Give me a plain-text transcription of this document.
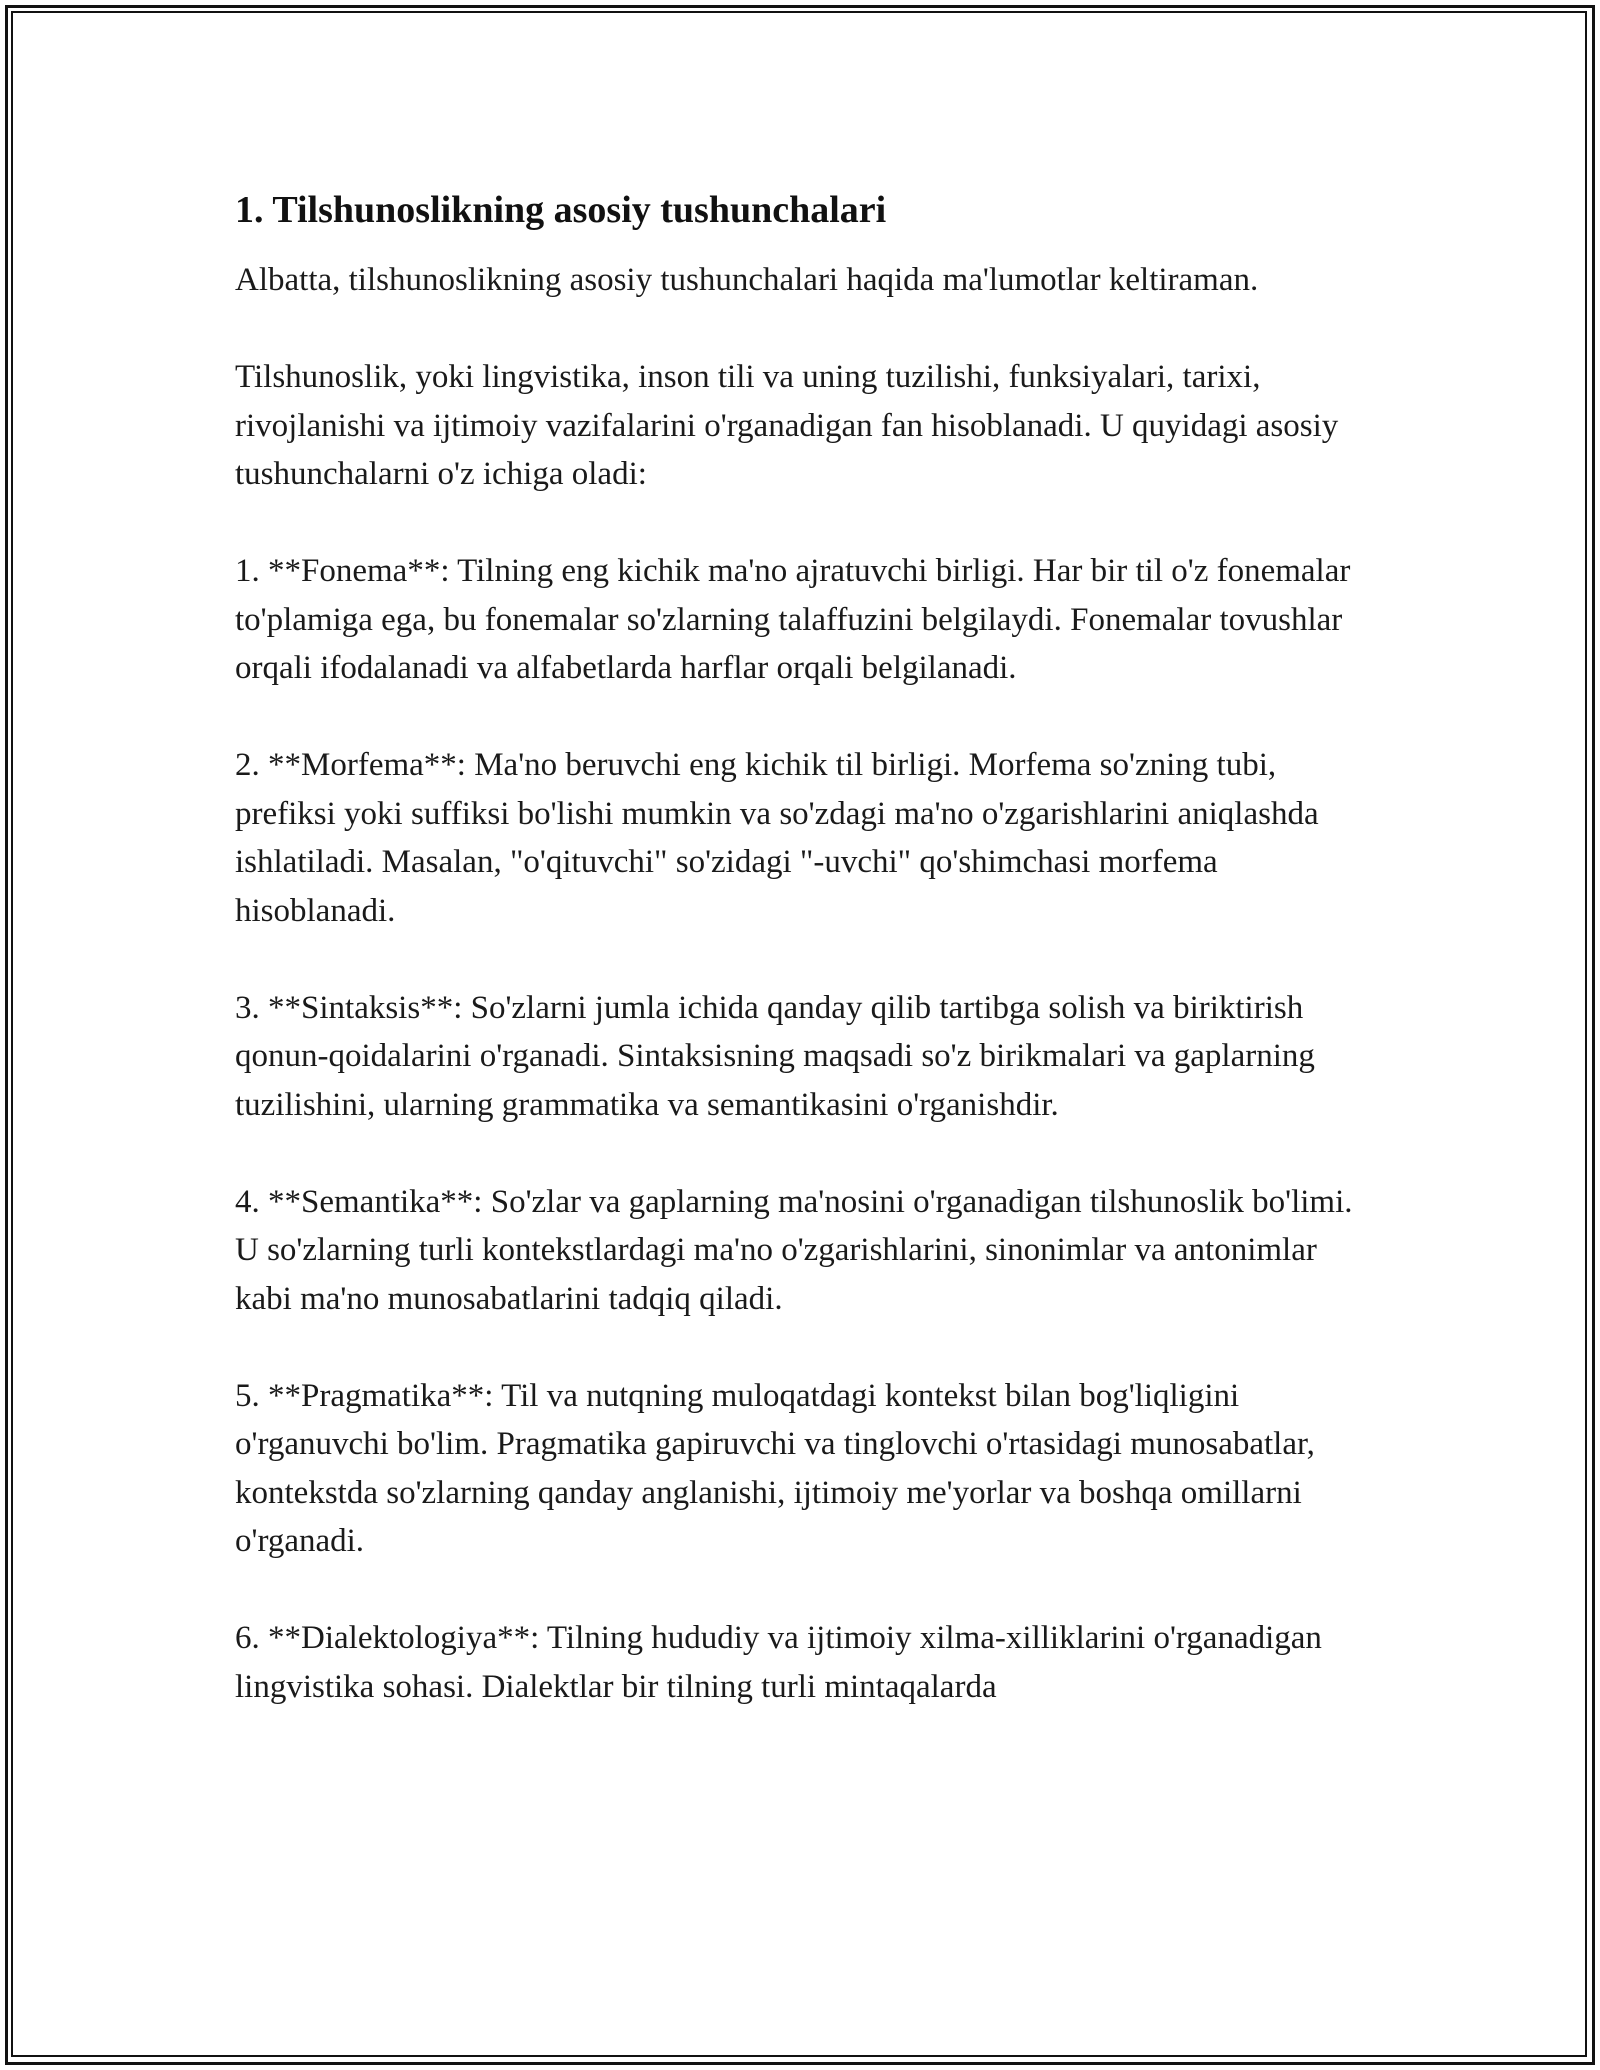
1. Tilshunoslikning asosiy tushunchalari

Albatta, tilshunoslikning asosiy tushunchalari haqida ma'lumotlar keltiraman.

Tilshunoslik, yoki lingvistika, inson tili va uning tuzilishi, funksiyalari, tarixi, rivojlanishi va ijtimoiy vazifalarini o'rganadigan fan hisoblanadi. U quyidagi asosiy tushunchalarni o'z ichiga oladi:

1. **Fonema**: Tilning eng kichik ma'no ajratuvchi birligi. Har bir til o'z fonemalar to'plamiga ega, bu fonemalar so'zlarning talaffuzini belgilaydi. Fonemalar tovushlar orqali ifodalanadi va alfabetlarda harflar orqali belgilanadi.

2. **Morfema**: Ma'no beruvchi eng kichik til birligi. Morfema so'zning tubi, prefiksi yoki suffiksi bo'lishi mumkin va so'zdagi ma'no o'zgarishlarini aniqlashda ishlatiladi. Masalan, "o'qituvchi" so'zidagi "-uvchi" qo'shimchasi morfema hisoblanadi.

3. **Sintaksis**: So'zlarni jumla ichida qanday qilib tartibga solish va biriktirish qonun-qoidalarini o'rganadi. Sintaksisning maqsadi so'z birikmalari va gaplarning tuzilishini, ularning grammatika va semantikasini o'rganishdir.

4. **Semantika**: So'zlar va gaplarning ma'nosini o'rganadigan tilshunoslik bo'limi. U so'zlarning turli kontekstlardagi ma'no o'zgarishlarini, sinonimlar va antonimlar kabi ma'no munosabatlarini tadqiq qiladi.

5. **Pragmatika**: Til va nutqning muloqatdagi kontekst bilan bog'liqligini o'rganuvchi bo'lim. Pragmatika gapiruvchi va tinglovchi o'rtasidagi munosabatlar, kontekstda so'zlarning qanday anglanishi, ijtimoiy me'yorlar va boshqa omillarni o'rganadi.

6. **Dialektologiya**: Tilning hududiy va ijtimoiy xilma-xilliklarini o'rganadigan lingvistika sohasi. Dialektlar bir tilning turli mintaqalarda
